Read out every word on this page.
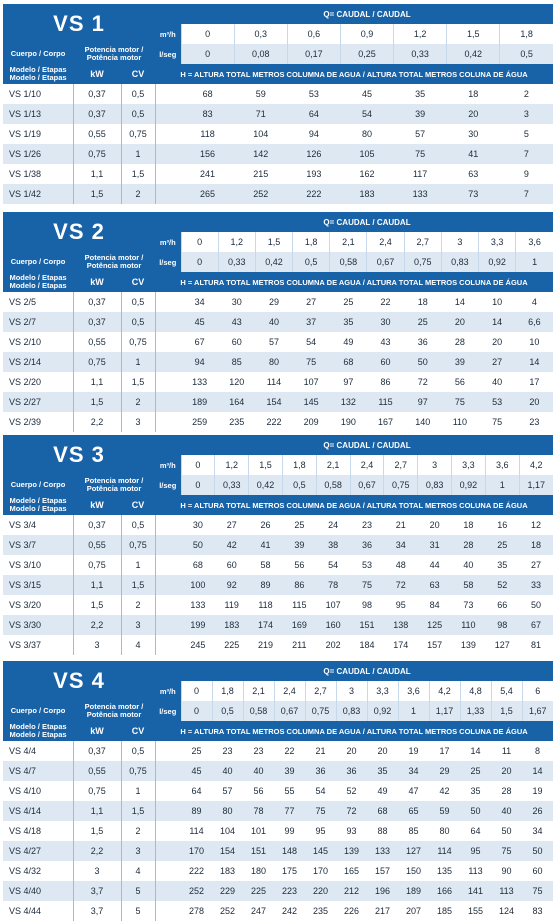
VS 1				Q= CAUDAL / CAUDAL						
			m³/h	0	0,3	0,6	0,9	1,2	1,5	1,8
Cuerpo / Corpo	Potencia motor /
Potência motor		l/seg	0	0,08	0,17	0,25	0,33	0,42	0,5
Modelo / Etapas
Modelo / Etapas	kW	CV	H = ALTURA TOTAL METROS COLUMNA DE AGUA / ALTURA TOTAL METROS COLUNA DE ÁGUA							
VS 1/10	0,37	0,5		68	59	53	45	35	18	2
VS 1/13	0,37	0,5		83	71	64	54	39	20	3
VS 1/19	0,55	0,75		118	104	94	80	57	30	5
VS 1/26	0,75	1		156	142	126	105	75	41	7
VS 1/38	1,1	1,5		241	215	193	162	117	63	9
VS 1/42	1,5	2		265	252	222	183	133	73	7
VS 2				Q= CAUDAL / CAUDAL									
			m³/h	0	1,2	1,5	1,8	2,1	2,4	2,7	3	3,3	3,6
Cuerpo / Corpo	Potencia motor /
Potência motor		l/seg	0	0,33	0,42	0,5	0,58	0,67	0,75	0,83	0,92	1
Modelo / Etapas
Modelo / Etapas	kW	CV	H = ALTURA TOTAL METROS COLUMNA DE AGUA / ALTURA TOTAL METROS COLUNA DE ÁGUA										
VS 2/5	0,37	0,5		34	30	29	27	25	22	18	14	10	4
VS 2/7	0,37	0,5		45	43	40	37	35	30	25	20	14	6,6
VS 2/10	0,55	0,75		67	60	57	54	49	43	36	28	20	10
VS 2/14	0,75	1		94	85	80	75	68	60	50	39	27	14
VS 2/20	1,1	1,5		133	120	114	107	97	86	72	56	40	17
VS 2/27	1,5	2		189	164	154	145	132	115	97	75	53	20
VS 2/39	2,2	3		259	235	222	209	190	167	140	110	75	23
VS 3				Q= CAUDAL / CAUDAL										
			m³/h	0	1,2	1,5	1,8	2,1	2,4	2,7	3	3,3	3,6	4,2
Cuerpo / Corpo	Potencia motor /
Potência motor		l/seg	0	0,33	0,42	0,5	0,58	0,67	0,75	0,83	0,92	1	1,17
Modelo / Etapas
Modelo / Etapas	kW	CV	H = ALTURA TOTAL METROS COLUMNA DE AGUA / ALTURA TOTAL METROS COLUNA DE ÁGUA											
VS 3/4	0,37	0,5		30	27	26	25	24	23	21	20	18	16	12
VS 3/7	0,55	0,75		50	42	41	39	38	36	34	31	28	25	18
VS 3/10	0,75	1		68	60	58	56	54	53	48	44	40	35	27
VS 3/15	1,1	1,5		100	92	89	86	78	75	72	63	58	52	33
VS 3/20	1,5	2		133	119	118	115	107	98	95	84	73	66	50
VS 3/30	2,2	3		199	183	174	169	160	151	138	125	110	98	67
VS 3/37	3	4		245	225	219	211	202	184	174	157	139	127	81
VS 4				Q= CAUDAL / CAUDAL											
			m³/h	0	1,8	2,1	2,4	2,7	3	3,3	3,6	4,2	4,8	5,4	6
Cuerpo / Corpo	Potencia motor /
Potência motor		l/seg	0	0,5	0,58	0,67	0,75	0,83	0,92	1	1,17	1,33	1,5	1,67
Modelo / Etapas
Modelo / Etapas	kW	CV	H = ALTURA TOTAL METROS COLUMNA DE AGUA / ALTURA TOTAL METROS COLUNA DE ÁGUA												
VS 4/4	0,37	0,5		25	23	23	22	21	20	20	19	17	14	11	8
VS 4/7	0,55	0,75		45	40	40	39	36	36	35	34	29	25	20	14
VS 4/10	0,75	1		64	57	56	55	54	52	49	47	42	35	28	19
VS 4/14	1,1	1,5		89	80	78	77	75	72	68	65	59	50	40	26
VS 4/18	1,5	2		114	104	101	99	95	93	88	85	80	64	50	34
VS 4/27	2,2	3		170	154	151	148	145	139	133	127	114	95	75	50
VS 4/32	3	4		222	183	180	175	170	165	157	150	135	113	90	60
VS 4/40	3,7	5		252	229	225	223	220	212	196	189	166	141	113	75
VS 4/44	3,7	5		278	252	247	242	235	226	217	207	185	155	124	83
